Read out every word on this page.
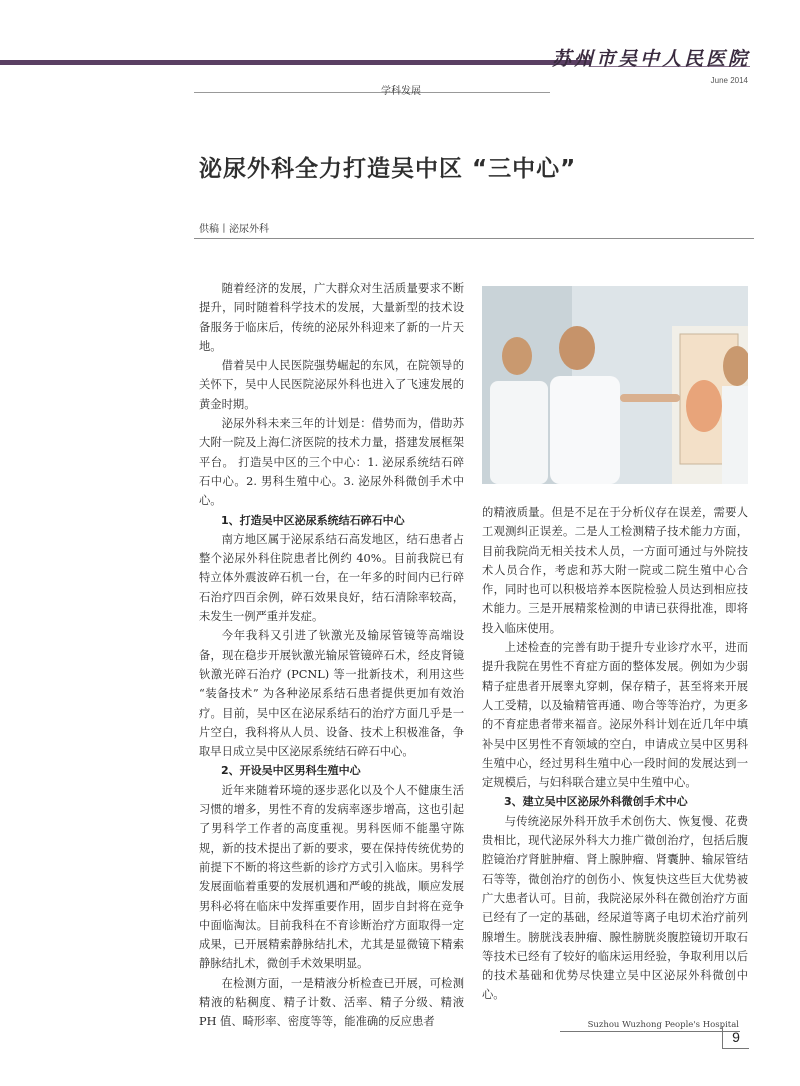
苏州市吴中人民医院
June 2014
学科发展
泌尿外科全力打造吴中区 “三中心”
供稿丨泌尿外科

随着经济的发展，广大群众对生活质量要求不断提升，同时随着科学技术的发展，大量新型的技术设备服务于临床后，传统的泌尿外科迎来了新的一片天地。

借着吴中人民医院强势崛起的东风，在院领导的关怀下，吴中人民医院泌尿外科也进入了飞速发展的黄金时期。

泌尿外科未来三年的计划是：借势而为，借助苏大附一院及上海仁济医院的技术力量，搭建发展框架平台。 打造吴中区的三个中心：1. 泌尿系统结石碎石中心。2. 男科生殖中心。3. 泌尿外科微创手术中心。

1、打造吴中区泌尿系统结石碎石中心

南方地区属于泌尿系结石高发地区，结石患者占整个泌尿外科住院患者比例约 40%。目前我院已有特立体外震波碎石机一台，在一年多的时间内已行碎石治疗四百余例，碎石效果良好，结石清除率较高，未发生一例严重并发症。

今年我科又引进了钬激光及输尿管镜等高端设备，现在稳步开展钬激光输尿管镜碎石术，经皮肾镜钬激光碎石治疗 (PCNL) 等一批新技术，利用这些 “装备技术” 为各种泌尿系结石患者提供更加有效治疗。目前，吴中区在泌尿系结石的治疗方面几乎是一片空白，我科将从人员、设备、技术上积极准备，争取早日成立吴中区泌尿系统结石碎石中心。

2、开设吴中区男科生殖中心

近年来随着环境的逐步恶化以及个人不健康生活习惯的增多，男性不育的发病率逐步增高，这也引起了男科学工作者的高度重视。男科医师不能墨守陈规，新的技术提出了新的要求，要在保持传统优势的前提下不断的将这些新的诊疗方式引入临床。男科学发展面临着重要的发展机遇和严峻的挑战，顺应发展男科必将在临床中发挥重要作用，固步自封将在竞争中面临淘汰。目前我科在不育诊断治疗方面取得一定成果，已开展精索静脉结扎术，尤其是显微镜下精索静脉结扎术，微创手术效果明显。

在检测方面，一是精液分析检查已开展，可检测精液的粘稠度、精子计数、活率、精子分级、精液 PH 值、畸形率、密度等等，能准确的反应患者

的精液质量。但是不足在于分析仪存在误差，需要人工观测纠正误差。二是人工检测精子技术能力方面，目前我院尚无相关技术人员，一方面可通过与外院技术人员合作，考虑和苏大附一院或二院生殖中心合作，同时也可以积极培养本医院检验人员达到相应技术能力。三是开展精浆检测的申请已获得批准，即将投入临床使用。

上述检查的完善有助于提升专业诊疗水平，进而提升我院在男性不育症方面的整体发展。例如为少弱精子症患者开展睾丸穿刺，保存精子，甚至将来开展人工受精，以及输精管再通、吻合等等治疗，为更多的不育症患者带来福音。泌尿外科计划在近几年中填补吴中区男性不育领域的空白，申请成立吴中区男科生殖中心，经过男科生殖中心一段时间的发展达到一定规模后，与妇科联合建立吴中生殖中心。

3、建立吴中区泌尿外科微创手术中心

与传统泌尿外科开放手术创伤大、恢复慢、花费贵相比，现代泌尿外科大力推广微创治疗，包括后腹腔镜治疗肾脏肿瘤、肾上腺肿瘤、肾囊肿、输尿管结石等等，微创治疗的创伤小、恢复快这些巨大优势被广大患者认可。目前，我院泌尿外科在微创治疗方面已经有了一定的基础，经尿道等离子电切术治疗前列腺增生。膀胱浅表肿瘤、腺性膀胱炎腹腔镜切开取石等技术已经有了较好的临床运用经验，争取利用以后的技术基础和优势尽快建立吴中区泌尿外科微创中心。

Suzhou Wuzhong People's Hospital
9
